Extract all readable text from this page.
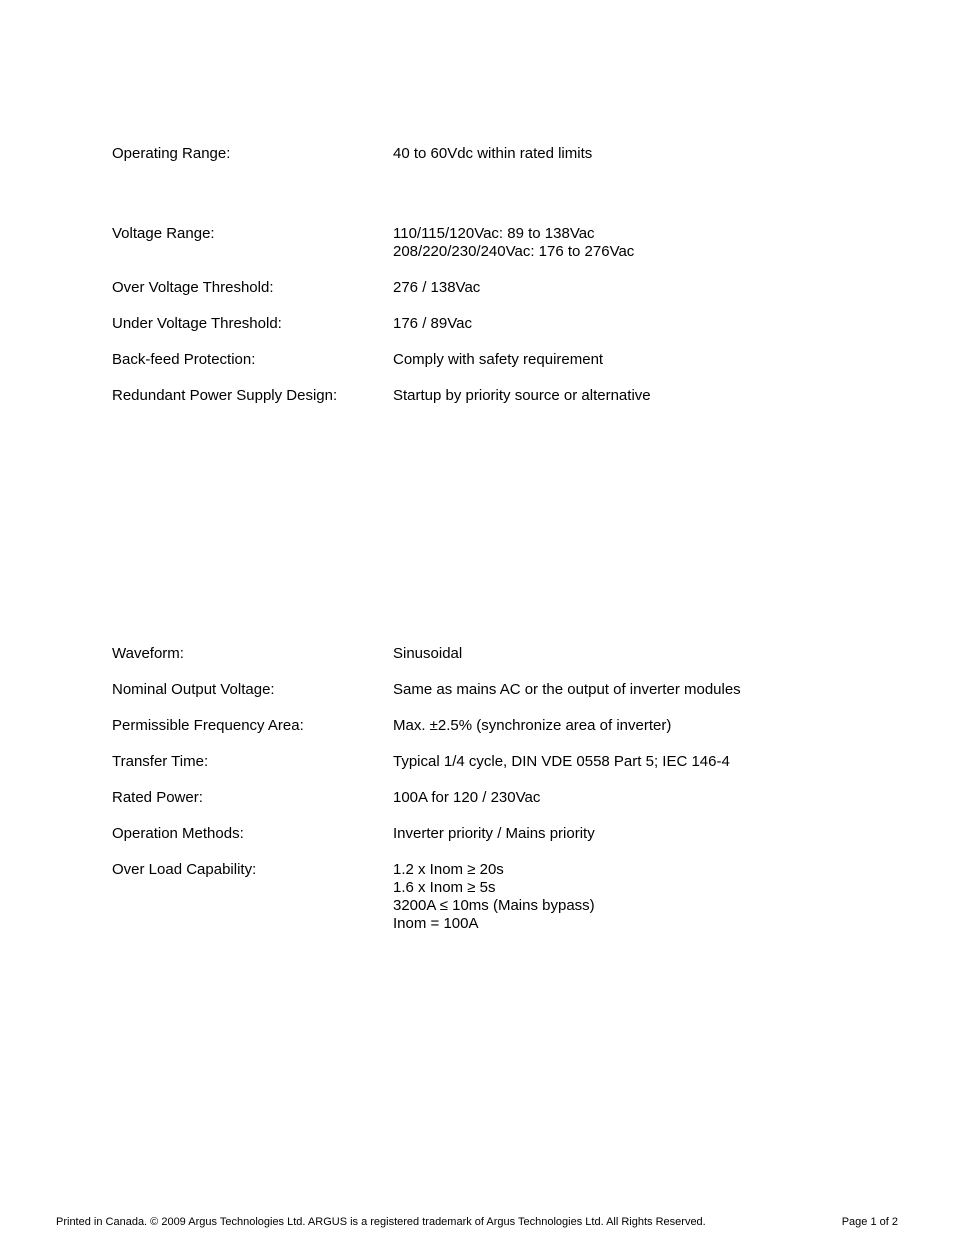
Operating Range:	40 to 60Vdc within rated limits
Voltage Range:	110/115/120Vac: 89 to 138Vac
208/220/230/240Vac: 176 to 276Vac

Over Voltage Threshold:	276 / 138Vac

Under Voltage Threshold:	176 / 89Vac

Back-feed Protection:	Comply with safety requirement

Redundant Power Supply Design:	Startup by priority source or alternative
Waveform:	Sinusoidal

Nominal Output Voltage:	Same as mains AC or the output of inverter modules

Permissible Frequency Area:	Max. ±2.5% (synchronize area of inverter)

Transfer Time:	Typical 1/4 cycle, DIN VDE 0558 Part 5; IEC 146-4

Rated Power:	100A for 120 / 230Vac

Operation Methods:	Inverter priority / Mains priority

Over Load Capability:	1.2 x Inom ≥ 20s
1.6 x Inom ≥ 5s
3200A ≤ 10ms (Mains bypass)
Inom = 100A
Printed in Canada. © 2009 Argus Technologies Ltd. ARGUS is a registered trademark of Argus Technologies Ltd. All Rights Reserved.	Page 1 of 2
